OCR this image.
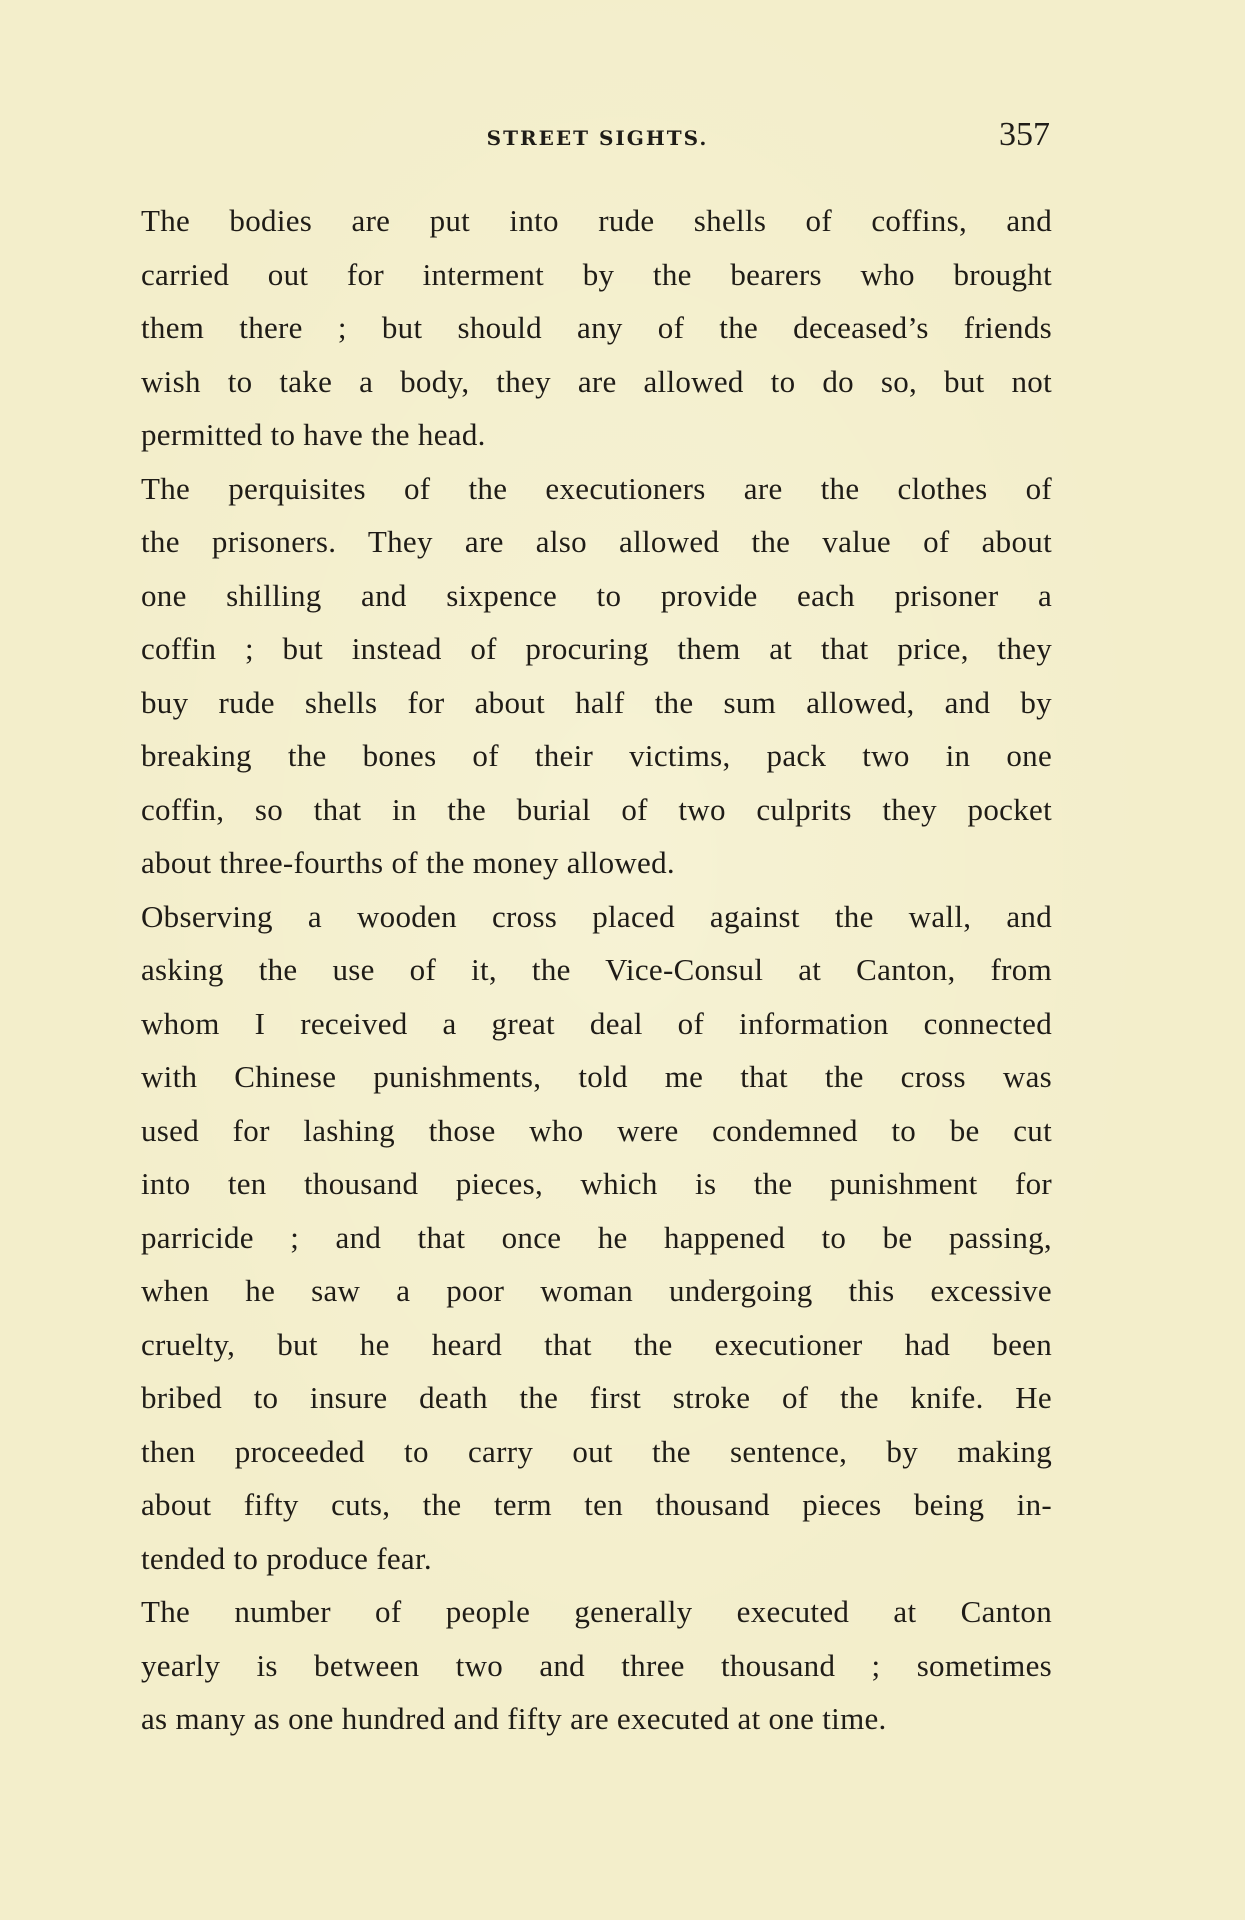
STREET SIGHTS.	357

The bodies are put into rude shells of coffins, and
carried out for interment by the bearers who brought
them there ; but should any of the deceased’s friends
wish to take a body, they are allowed to do so, but not
permitted to have the head.

The perquisites of the executioners are the clothes of
the prisoners. They are also allowed the value of about
one shilling and sixpence to provide each prisoner a
coffin ; but instead of procuring them at that price, they
buy rude shells for about half the sum allowed, and by
breaking the bones of their victims, pack two in one
coffin, so that in the burial of two culprits they pocket
about three-fourths of the money allowed.

Observing a wooden cross placed against the wall, and
asking the use of it, the Vice-Consul at Canton, from
whom I received a great deal of information connected
with Chinese punishments, told me that the cross was
used for lashing those who were condemned to be cut
into ten thousand pieces, which is the punishment for
parricide ; and that once he happened to be passing,
when he saw a poor woman undergoing this excessive
cruelty, but he heard that the executioner had been
bribed to insure death the first stroke of the knife. He
then proceeded to carry out the sentence, by making
about fifty cuts, the term ten thousand pieces being in-
tended to produce fear.

The number of people generally executed at Canton
yearly is between two and three thousand ; sometimes
as many as one hundred and fifty are executed at one time.
